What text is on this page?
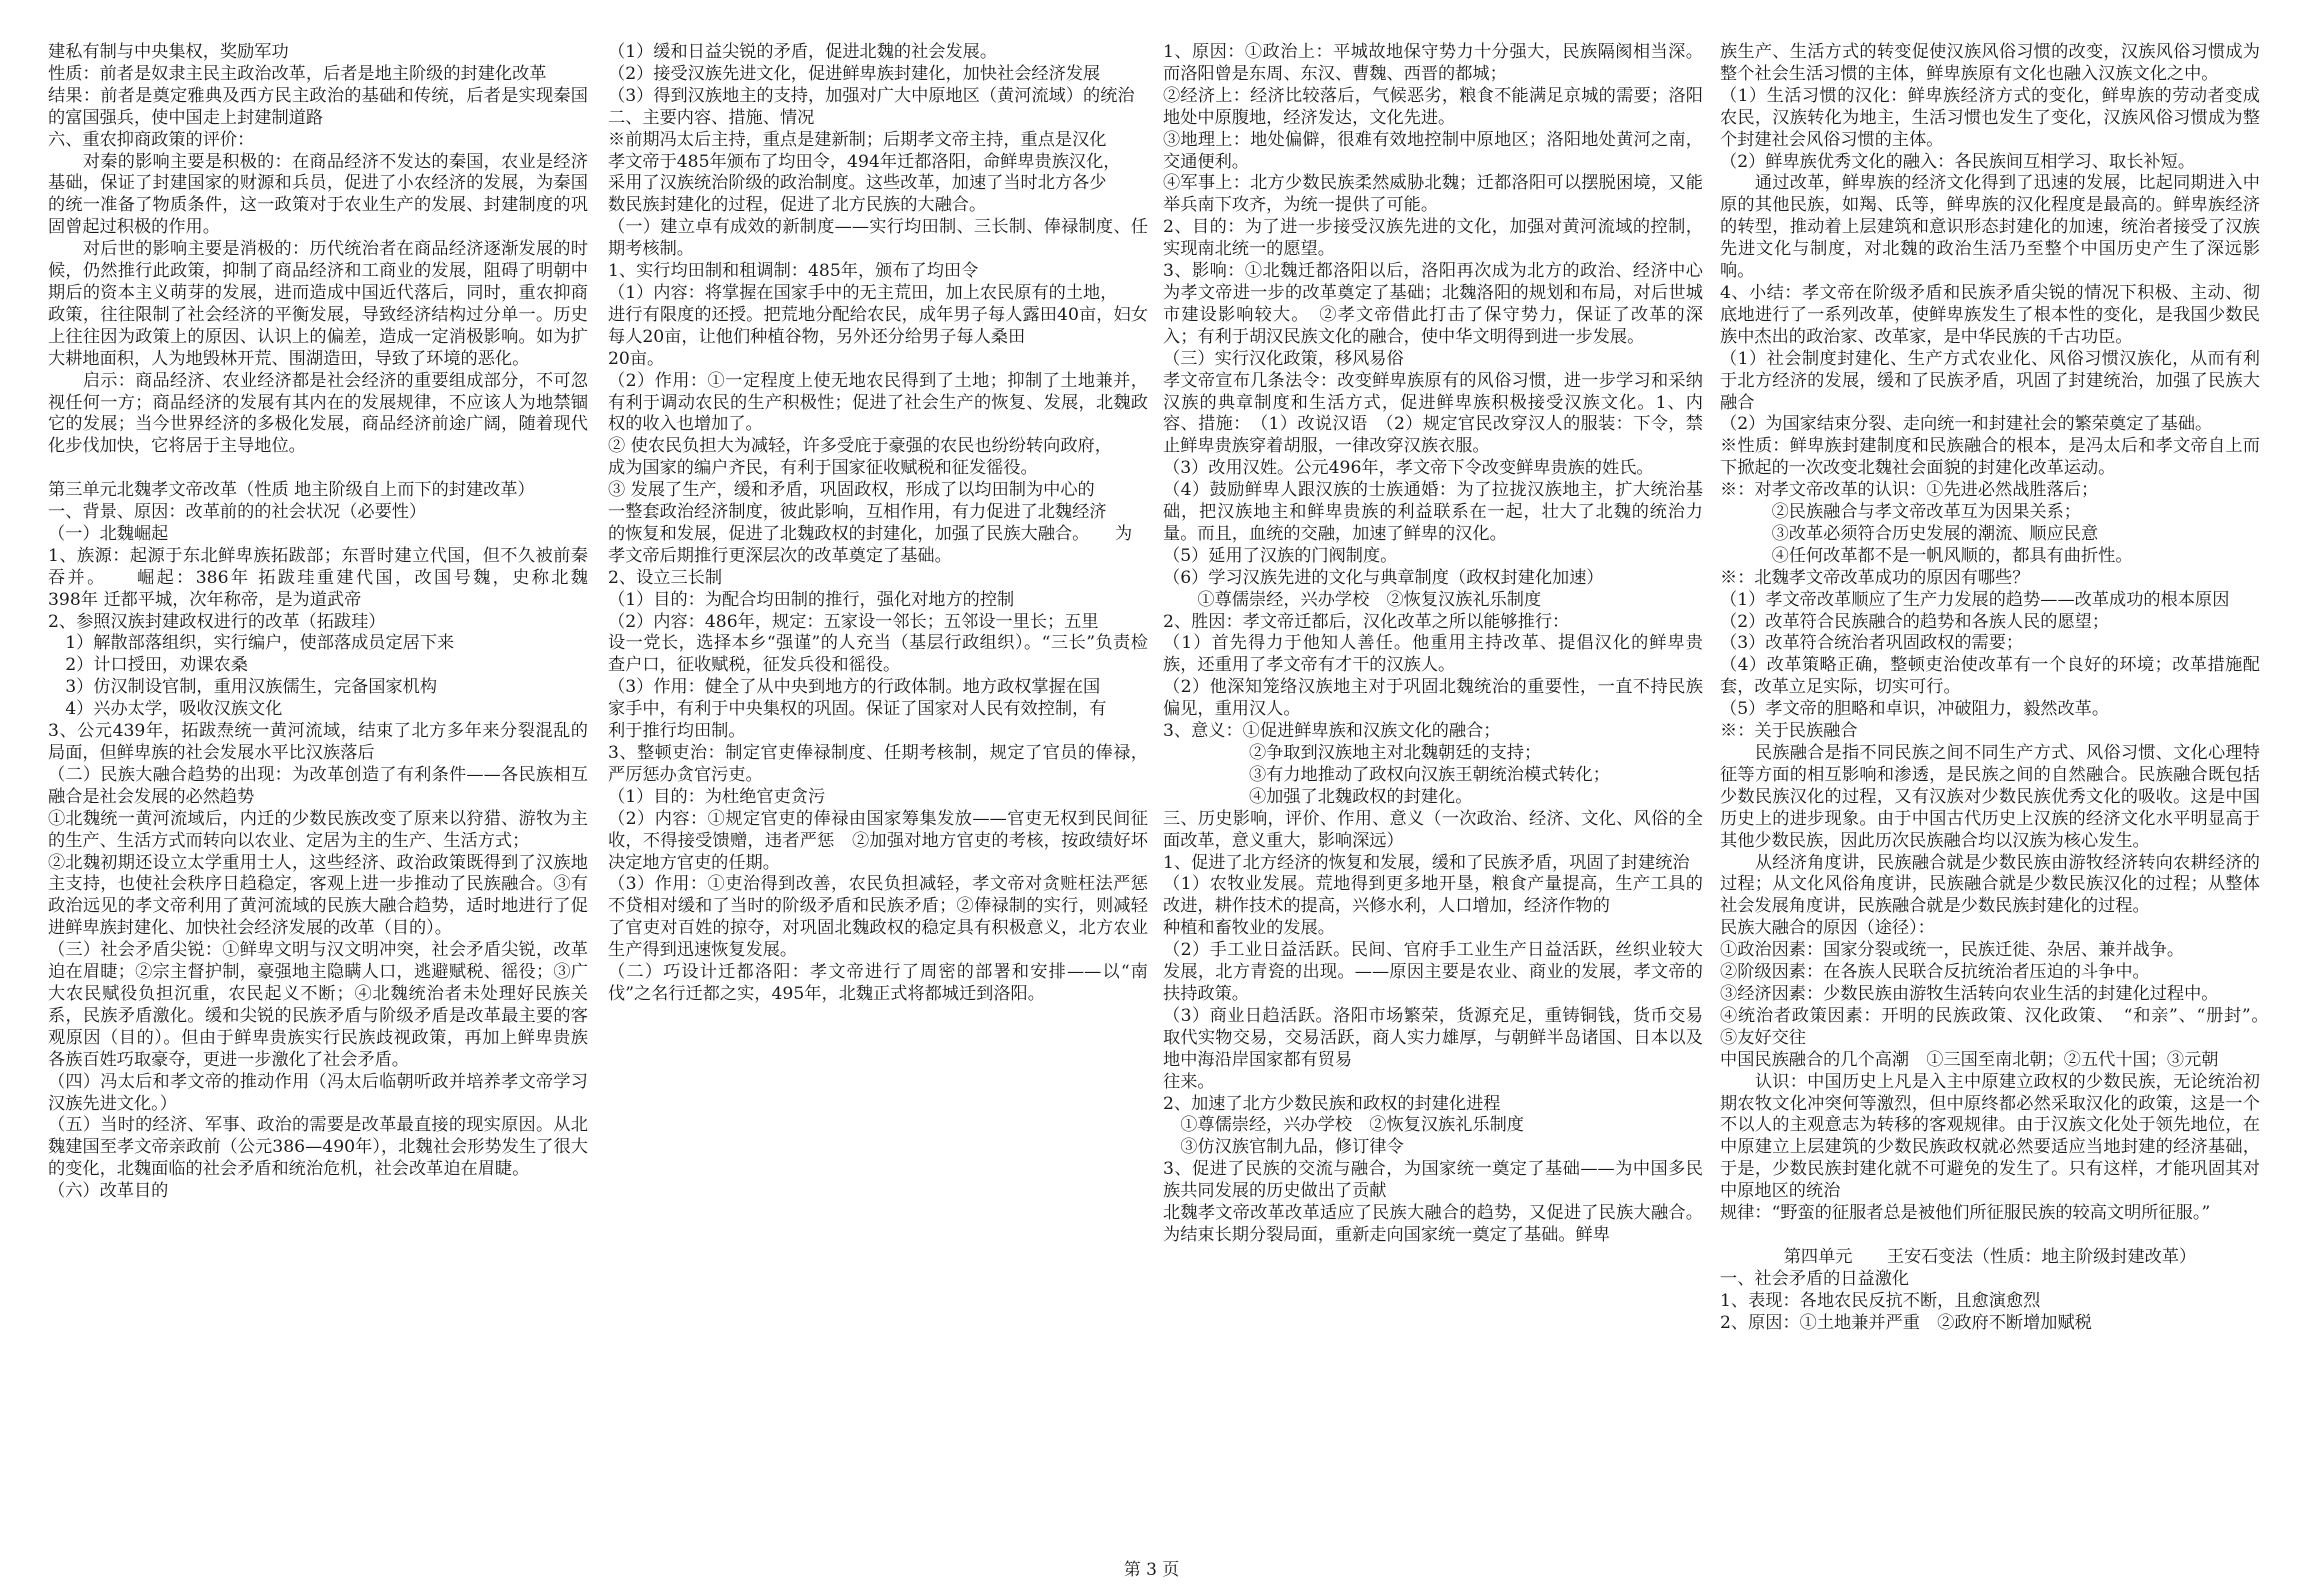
建私有制与中央集权，奖励军功

性质：前者是奴隶主民主政治改革，后者是地主阶级的封建化改革

结果：前者是奠定雅典及西方民主政治的基础和传统，后者是实现秦国的富国强兵，使中国走上封建制道路

六、重农抑商政策的评价：

　　对秦的影响主要是积极的：在商品经济不发达的秦国，农业是经济基础，保证了封建国家的财源和兵员，促进了小农经济的发展，为秦国的统一准备了物质条件，这一政策对于农业生产的发展、封建制度的巩固曾起过积极的作用。

　　对后世的影响主要是消极的：历代统治者在商品经济逐渐发展的时候，仍然推行此政策，抑制了商品经济和工商业的发展，阻碍了明朝中期后的资本主义萌芽的发展，进而造成中国近代落后，同时，重农抑商政策，往往限制了社会经济的平衡发展，导致经济结构过分单一。历史上往往因为政策上的原因、认识上的偏差，造成一定消极影响。如为扩大耕地面积，人为地毁林开荒、围湖造田，导致了环境的恶化。

　　启示：商品经济、农业经济都是社会经济的重要组成部分，不可忽视任何一方；商品经济的发展有其内在的发展规律，不应该人为地禁锢它的发展；当今世界经济的多极化发展，商品经济前途广阔，随着现代化步伐加快，它将居于主导地位。

第三单元北魏孝文帝改革（性质 地主阶级自上而下的封建改革）

一、背景、原因：改革前的的社会状况（必要性）

（一）北魏崛起

1、族源：起源于东北鲜卑族拓跋部；东晋时建立代国，但不久被前秦吞并。　　崛起：386年 拓跋珪重建代国，改国号魏，史称北魏　　　398年 迁都平城，次年称帝，是为道武帝

2、参照汉族封建政权进行的改革（拓跋珪）

　1）解散部落组织，实行编户，使部落成员定居下来

　2）计口授田，劝课农桑

　3）仿汉制设官制，重用汉族儒生，完备国家机构

　4）兴办太学，吸收汉族文化

3、公元439年，拓跋焘统一黄河流域，结束了北方多年来分裂混乱的局面，但鲜卑族的社会发展水平比汉族落后

（二）民族大融合趋势的出现：为改革创造了有利条件——各民族相互融合是社会发展的必然趋势

①北魏统一黄河流域后，内迁的少数民族改变了原来以狩猎、游牧为主的生产、生活方式而转向以农业、定居为主的生产、生活方式；

②北魏初期还设立太学重用士人，这些经济、政治政策既得到了汉族地主支持，也使社会秩序日趋稳定，客观上进一步推动了民族融合。③有政治远见的孝文帝利用了黄河流域的民族大融合趋势，适时地进行了促进鲜卑族封建化、加快社会经济发展的改革（目的）。

（三）社会矛盾尖锐：①鲜卑文明与汉文明冲突，社会矛盾尖锐，改革迫在眉睫；②宗主督护制，豪强地主隐瞒人口，逃避赋税、徭役；③广大农民赋役负担沉重，农民起义不断；④北魏统治者未处理好民族关系，民族矛盾激化。缓和尖锐的民族矛盾与阶级矛盾是改革最主要的客观原因（目的）。但由于鲜卑贵族实行民族歧视政策，再加上鲜卑贵族各族百姓巧取豪夺，更进一步激化了社会矛盾。

（四）冯太后和孝文帝的推动作用（冯太后临朝听政并培养孝文帝学习汉族先进文化。）

（五）当时的经济、军事、政治的需要是改革最直接的现实原因。从北魏建国至孝文帝亲政前（公元386—490年），北魏社会形势发生了很大的变化，北魏面临的社会矛盾和统治危机，社会改革迫在眉睫。

（六）改革目的

（1）缓和日益尖锐的矛盾，促进北魏的社会发展。

（2）接受汉族先进文化，促进鲜卑族封建化，加快社会经济发展

（3）得到汉族地主的支持，加强对广大中原地区（黄河流域）的统治

二、主要内容、措施、情况

※前期冯太后主持，重点是建新制；后期孝文帝主持，重点是汉化

孝文帝于485年颁布了均田令，494年迁都洛阳，命鲜卑贵族汉化，

采用了汉族统治阶级的政治制度。这些改革，加速了当时北方各少

数民族封建化的过程，促进了北方民族的大融合。

（一）建立卓有成效的新制度——实行均田制、三长制、俸禄制度、任期考核制。

1、实行均田制和租调制：485年，颁布了均田令

（1）内容：将掌握在国家手中的无主荒田，加上农民原有的土地，

进行有限度的还授。把荒地分配给农民，成年男子每人露田40亩，妇女每人20亩，让他们种植谷物，另外还分给男子每人桑田

20亩。

（2）作用：①一定程度上使无地农民得到了土地；抑制了土地兼并，有利于调动农民的生产积极性；促进了社会生产的恢复、发展，北魏政权的收入也增加了。

② 使农民负担大为减轻，许多受庇于豪强的农民也纷纷转向政府，

成为国家的编户齐民，有利于国家征收赋税和征发徭役。

③ 发展了生产，缓和矛盾，巩固政权，形成了以均田制为中心的

一整套政治经济制度，彼此影响，互相作用，有力促进了北魏经济

的恢复和发展，促进了北魏政权的封建化，加强了民族大融合。　　为

孝文帝后期推行更深层次的改革奠定了基础。

2、设立三长制

（1）目的：为配合均田制的推行，强化对地方的控制

（2）内容：486年，规定：五家设一邻长；五邻设一里长；五里

设一党长，选择本乡“强谨”的人充当（基层行政组织）。“三长”负责检查户口，征收赋税，征发兵役和徭役。

（3）作用：健全了从中央到地方的行政体制。地方政权掌握在国

家手中，有利于中央集权的巩固。保证了国家对人民有效控制，有

利于推行均田制。

3、整顿吏治：制定官吏俸禄制度、任期考核制，规定了官员的俸禄，严厉惩办贪官污吏。

（1）目的：为杜绝官吏贪污

（2）内容：①规定官吏的俸禄由国家筹集发放——官吏无权到民间征收，不得接受馈赠，违者严惩　②加强对地方官吏的考核，按政绩好坏决定地方官吏的任期。

（3）作用：①吏治得到改善，农民负担减轻，孝文帝对贪赃枉法严惩不贷相对缓和了当时的阶级矛盾和民族矛盾；②俸禄制的实行，则减轻了官吏对百姓的掠夺，对巩固北魏政权的稳定具有积极意义，北方农业生产得到迅速恢复发展。

（二）巧设计迁都洛阳：孝文帝进行了周密的部署和安排——以“南伐”之名行迁都之实，495年，北魏正式将都城迁到洛阳。

1、原因：①政治上：平城故地保守势力十分强大，民族隔阂相当深。而洛阳曾是东周、东汉、曹魏、西晋的都城；

②经济上：经济比较落后，气候恶劣，粮食不能满足京城的需要；洛阳地处中原腹地，经济发达，文化先进。

③地理上：地处偏僻，很难有效地控制中原地区；洛阳地处黄河之南，交通便利。

④军事上：北方少数民族柔然威胁北魏；迁都洛阳可以摆脱困境，又能举兵南下攻齐，为统一提供了可能。

2、目的：为了进一步接受汉族先进的文化，加强对黄河流域的控制，实现南北统一的愿望。

3、影响：①北魏迁都洛阳以后，洛阳再次成为北方的政治、经济中心为孝文帝进一步的改革奠定了基础；北魏洛阳的规划和布局，对后世城市建设影响较大。　②孝文帝借此打击了保守势力，保证了改革的深入；有利于胡汉民族文化的融合，使中华文明得到进一步发展。

（三）实行汉化政策，移风易俗

孝文帝宣布几条法令：改变鲜卑族原有的风俗习惯，进一步学习和采纳汉族的典章制度和生活方式，促进鲜卑族积极接受汉族文化。1、内容、措施：　（1）改说汉语　（2）规定官民改穿汉人的服装：下令，禁止鲜卑贵族穿着胡服，一律改穿汉族衣服。

（3）改用汉姓。公元496年，孝文帝下令改变鲜卑贵族的姓氏。

（4）鼓励鲜卑人跟汉族的士族通婚：为了拉拢汉族地主，扩大统治基础，把汉族地主和鲜卑贵族的利益联系在一起，壮大了北魏的统治力量。而且，血统的交融，加速了鲜卑的汉化。

（5）延用了汉族的门阀制度。

（6）学习汉族先进的文化与典章制度（政权封建化加速）

　　①尊儒崇经，兴办学校　②恢复汉族礼乐制度

2、胜因：孝文帝迁都后，汉化改革之所以能够推行：

（1）首先得力于他知人善任。他重用主持改革、提倡汉化的鲜卑贵族，还重用了孝文帝有才干的汉族人。

（2）他深知笼络汉族地主对于巩固北魏统治的重要性，一直不持民族偏见，重用汉人。

3、意义：①促进鲜卑族和汉族文化的融合；

　　　　　②争取到汉族地主对北魏朝廷的支持；

　　　　　③有力地推动了政权向汉族王朝统治模式转化；

　　　　　④加强了北魏政权的封建化。

三、历史影响，评价、作用、意义（一次政治、经济、文化、风俗的全面改革，意义重大，影响深远）

1、促进了北方经济的恢复和发展，缓和了民族矛盾，巩固了封建统治

（1）农牧业发展。荒地得到更多地开垦，粮食产量提高，生产工具的改进，耕作技术的提高，兴修水利，人口增加，经济作物的

种植和畜牧业的发展。

（2）手工业日益活跃。民间、官府手工业生产日益活跃，丝织业较大发展，北方青瓷的出现。——原因主要是农业、商业的发展，孝文帝的扶持政策。

（3）商业日趋活跃。洛阳市场繁荣，货源充足，重铸铜钱，货币交易取代实物交易，交易活跃，商人实力雄厚，与朝鲜半岛诸国、日本以及地中海沿岸国家都有贸易

往来。

2、加速了北方少数民族和政权的封建化进程

　①尊儒崇经，兴办学校　②恢复汉族礼乐制度

　③仿汉族官制九品，修订律令

3、促进了民族的交流与融合，为国家统一奠定了基础——为中国多民族共同发展的历史做出了贡献

北魏孝文帝改革改革适应了民族大融合的趋势，又促进了民族大融合。为结束长期分裂局面，重新走向国家统一奠定了基础。鲜卑

族生产、生活方式的转变促使汉族风俗习惯的改变，汉族风俗习惯成为整个社会生活习惯的主体，鲜卑族原有文化也融入汉族文化之中。

（1）生活习惯的汉化：鲜卑族经济方式的变化，鲜卑族的劳动者变成农民，汉族转化为地主，生活习惯也发生了变化，汉族风俗习惯成为整个封建社会风俗习惯的主体。

（2）鲜卑族优秀文化的融入：各民族间互相学习、取长补短。

　　通过改革，鲜卑族的经济文化得到了迅速的发展，比起同期进入中原的其他民族，如羯、氐等，鲜卑族的汉化程度是最高的。鲜卑族经济的转型，推动着上层建筑和意识形态封建化的加速，统治者接受了汉族先进文化与制度，对北魏的政治生活乃至整个中国历史产生了深远影响。

4、小结：孝文帝在阶级矛盾和民族矛盾尖锐的情况下积极、主动、彻底地进行了一系列改革，使鲜卑族发生了根本性的变化，是我国少数民族中杰出的政治家、改革家，是中华民族的千古功臣。

（1）社会制度封建化、生产方式农业化、风俗习惯汉族化，从而有利于北方经济的发展，缓和了民族矛盾，巩固了封建统治，加强了民族大融合

（2）为国家结束分裂、走向统一和封建社会的繁荣奠定了基础。

※性质：鲜卑族封建制度和民族融合的根本，是冯太后和孝文帝自上而下掀起的一次改变北魏社会面貌的封建化改革运动。

※：对孝文帝改革的认识：①先进必然战胜落后；

　　　②民族融合与孝文帝改革互为因果关系；

　　　③改革必须符合历史发展的潮流、顺应民意

　　　④任何改革都不是一帆风顺的，都具有曲折性。

※：北魏孝文帝改革成功的原因有哪些？

（1）孝文帝改革顺应了生产力发展的趋势——改革成功的根本原因

（2）改革符合民族融合的趋势和各族人民的愿望；

（3）改革符合统治者巩固政权的需要；

（4）改革策略正确，整顿吏治使改革有一个良好的环境；改革措施配套，改革立足实际，切实可行。

（5）孝文帝的胆略和卓识，冲破阻力，毅然改革。

※：关于民族融合

　　民族融合是指不同民族之间不同生产方式、风俗习惯、文化心理特征等方面的相互影响和渗透，是民族之间的自然融合。民族融合既包括少数民族汉化的过程，又有汉族对少数民族优秀文化的吸收。这是中国历史上的进步现象。由于中国古代历史上汉族的经济文化水平明显高于其他少数民族，因此历次民族融合均以汉族为核心发生。

　　从经济角度讲，民族融合就是少数民族由游牧经济转向农耕经济的过程；从文化风俗角度讲，民族融合就是少数民族汉化的过程；从整体社会发展角度讲，民族融合就是少数民族封建化的过程。

民族大融合的原因（途径）：

①政治因素：国家分裂或统一，民族迁徙、杂居、兼并战争。

②阶级因素：在各族人民联合反抗统治者压迫的斗争中。

③经济因素：少数民族由游牧生活转向农业生活的封建化过程中。

④统治者政策因素：开明的民族政策、汉化政策、　“和亲”、“册封”。　⑤友好交往

中国民族融合的几个高潮　①三国至南北朝；②五代十国；③元朝

　　认识：中国历史上凡是入主中原建立政权的少数民族，无论统治初期农牧文化冲突何等激烈，但中原终都必然采取汉化的政策，这是一个不以人的主观意志为转移的客观规律。由于汉族文化处于领先地位，在中原建立上层建筑的少数民族政权就必然要适应当地封建的经济基础，于是，少数民族封建化就不可避免的发生了。只有这样，才能巩固其对中原地区的统治

规律：“野蛮的征服者总是被他们所征服民族的较高文明所征服。”

第四单元　　王安石变法（性质：地主阶级封建改革）

一、社会矛盾的日益激化

1、表现：各地农民反抗不断，且愈演愈烈

2、原因：①土地兼并严重　②政府不断增加赋税

第 3 页
